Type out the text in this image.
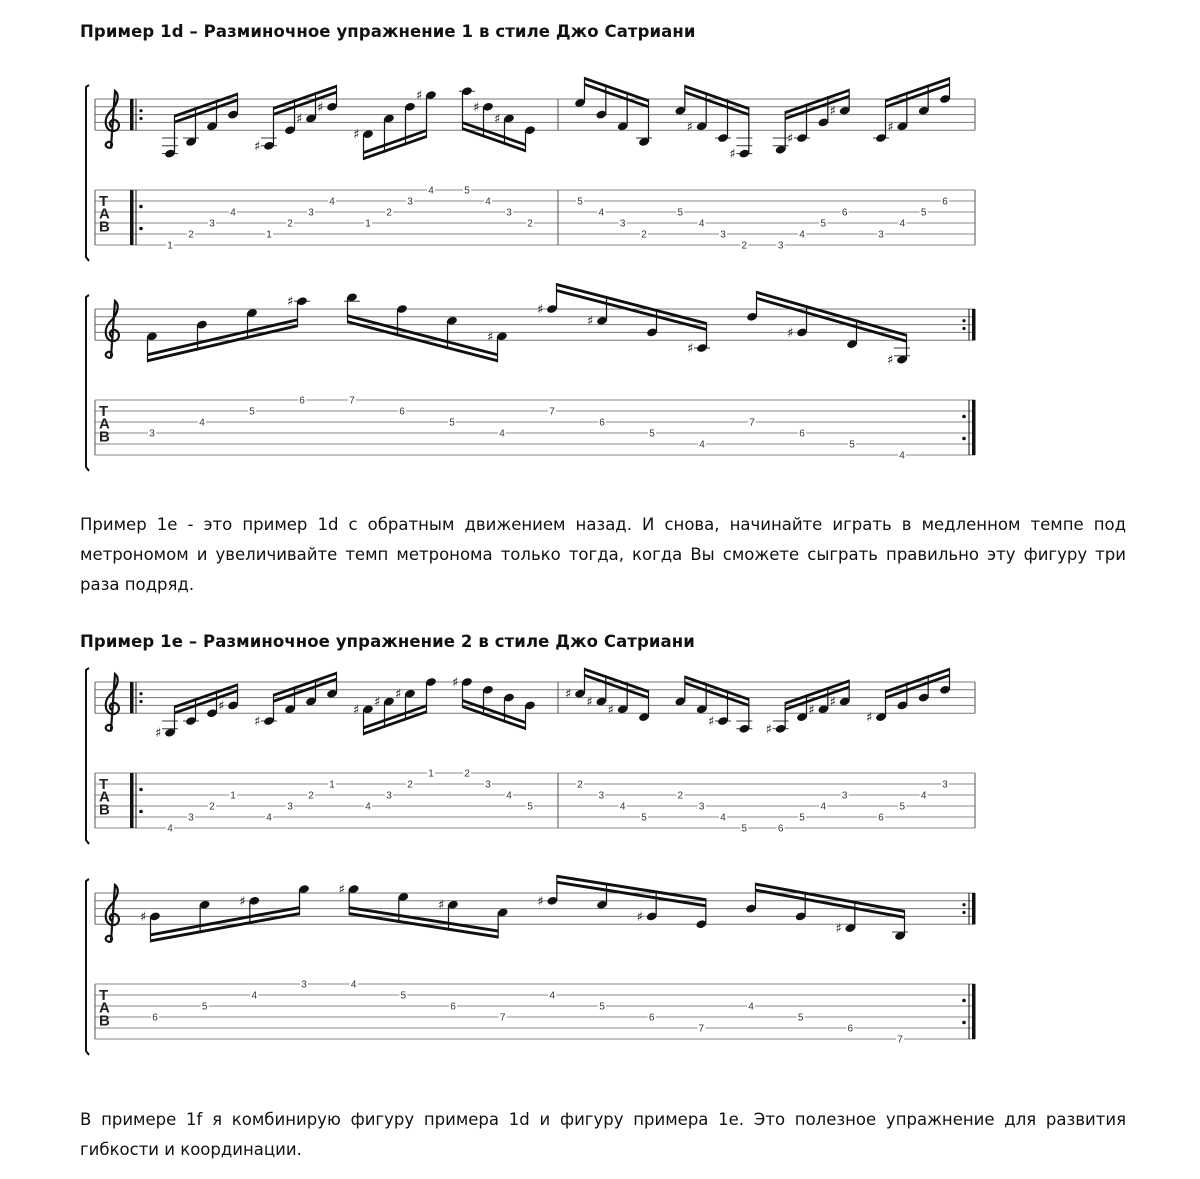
Пример 1d – Разминочное упражнение 1 в стиле Джо Сатриани
Пример 1e - это пример 1d с обратным движением назад. И снова, начинайте играть в медленном темпе под метрономом и увеличивайте темп метронома только тогда, когда Вы сможете сыграть правильно эту фигуру три раза подряд.
Пример 1e – Разминочное упражнение 2 в стиле Джо Сатриани
В примере 1f я комбинирую фигуру примера 1d и фигуру примера 1e. Это полезное упражнение для развития гибкости и координации.
T
A
B
1
2
3
4
1
2
3
4
♯
♯
♯
1
2
3
4
♯
♯
5
4
3
2
♯
♯
5
4
3
2
5
4
3
2
♯
♯
3
4
5
6
♯
♯
3
4
5
6
♯
T
A
B	3
4
5
6
♯
7
6
5
4
♯
7
6
5
4
♯
♯
♯
7
6
5
4
♯
♯
T
A
B
4
3
2
1
♯
♯
4
3
2
1
♯
4
3
2
1
♯
♯
♯
2
3
4
5
♯
2
3
4
5
♯
♯
♯
2
3
4
5
♯
6
5
4
3
♯
♯
♯
6
5
4
3
♯
T
A
B	6
5
4
3
♯
♯
4
5
6
7
♯
♯
4
5
6
7
♯
♯
4
5
6
7
♯
